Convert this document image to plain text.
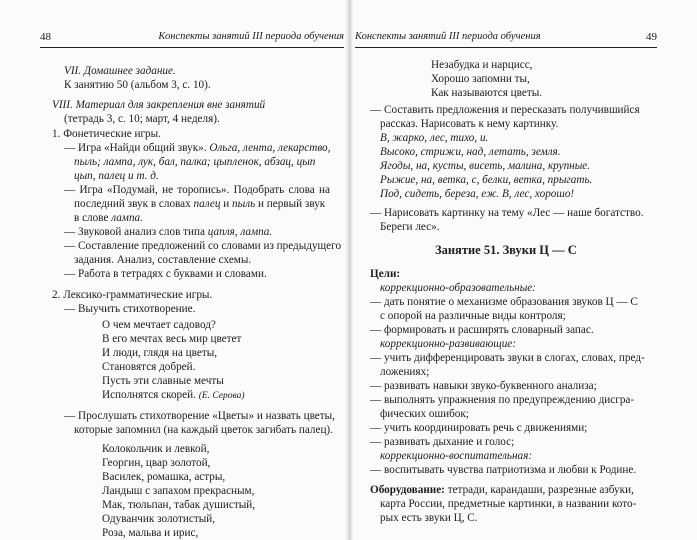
48	Конспекты занятий III периода обучения
VII. Домашнее задание.
К занятию 50 (альбом 3, с. 10).
VIII. Материал для закрепления вне занятий
(тетрадь 3, с. 10; март, 4 неделя).
1. Фонетические игры.
— Игра «Найди общий звук». Ольга, лента, лекарство,
пыль; лампа, лук, бал, палка; цыпленок, абзац, цып
цып, палец и т. д.
— Игра «Подумай, не торопись». Подобрать слова на
последний звук в словах палец и пыль и первый звук
в слове лампа.
— Звуковой анализ слов типа цапля, лампа.
— Составление предложений со словами из предыдущего
задания. Анализ, составление схемы.
— Работа в тетрадях с буквами и словами.
2. Лексико-грамматические игры.
— Выучить стихотворение.
О чем мечтает садовод?
В его мечтах весь мир цветет
И люди, глядя на цветы,
Становятся добрей.
Пусть эти славные мечты
Исполнятся скорей. (Е. Серова)
— Прослушать стихотворение «Цветы» и назвать цветы,
которые запомнил (на каждый цветок загибать палец).
Колокольчик и левкой,
Георгин, цвар золотой,
Василек, ромашка, астры,
Ландыш с запахом прекрасным,
Мак, тюльпан, табак душистый,
Одуванчик золотистый,
Роза, мальва и ирис,
Конспекты занятий III периода обучения	49
Незабудка и нарцисс,
Хорошо запомни ты,
Как называются цветы.
— Составить предложения и пересказать получившийся
рассказ. Нарисовать к нему картинку.
В, жарко, лес, тихо, и.
Высоко, стрижи, над, летать, земля.
Ягоды, на, кусты, висеть, малина, крупные.
Рыжие, на, ветка, с, белки, ветка, прыгать.
Под, сидеть, береза, еж. В, лес, хорошо!
— Нарисовать картинку на тему «Лес — наше богатство.
Береги лес».
Занятие 51. Звуки Ц — С
Цели:
коррекционно-образовательные:
— дать понятие о механизме образования звуков Ц — С
с опорой на различные виды контроля;
— формировать и расширять словарный запас.
коррекционно-развивающие:
— учить дифференцировать звуки в слогах, словах, пред-
ложениях;
— развивать навыки звуко-буквенного анализа;
— выполнять упражнения по предупреждению дисгра-
фических ошибок;
— учить координировать речь с движениями;
— развивать дыхание и голос;
коррекционно-воспитательная:
— воспитывать чувства патриотизма и любви к Родине.
Оборудование: тетради, карандаши, разрезные азбуки,
карта России, предметные картинки, в названии кото-
рых есть звуки Ц, С.
